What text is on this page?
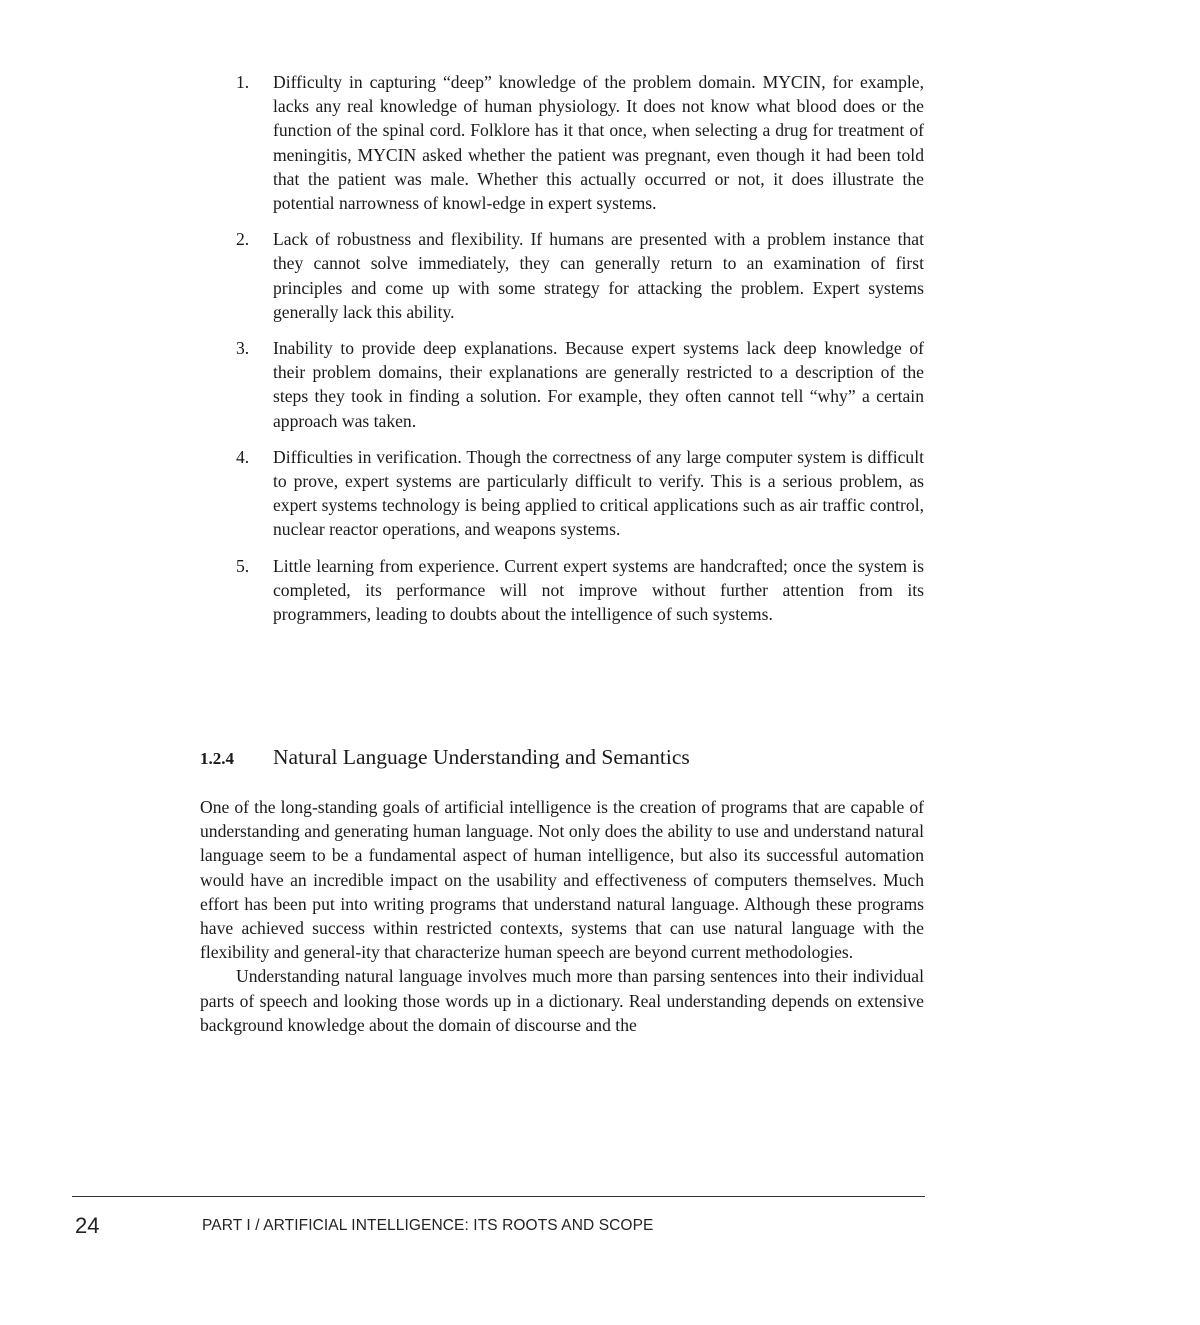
1. Difficulty in capturing “deep” knowledge of the problem domain. MYCIN, for example, lacks any real knowledge of human physiology. It does not know what blood does or the function of the spinal cord. Folklore has it that once, when selecting a drug for treatment of meningitis, MYCIN asked whether the patient was pregnant, even though it had been told that the patient was male. Whether this actually occurred or not, it does illustrate the potential narrowness of knowl-edge in expert systems.
2. Lack of robustness and flexibility. If humans are presented with a problem instance that they cannot solve immediately, they can generally return to an examination of first principles and come up with some strategy for attacking the problem. Expert systems generally lack this ability.
3. Inability to provide deep explanations. Because expert systems lack deep knowledge of their problem domains, their explanations are generally restricted to a description of the steps they took in finding a solution. For example, they often cannot tell “why” a certain approach was taken.
4. Difficulties in verification. Though the correctness of any large computer system is difficult to prove, expert systems are particularly difficult to verify. This is a serious problem, as expert systems technology is being applied to critical applications such as air traffic control, nuclear reactor operations, and weapons systems.
5. Little learning from experience. Current expert systems are handcrafted; once the system is completed, its performance will not improve without further attention from its programmers, leading to doubts about the intelligence of such systems.
1.2.4 Natural Language Understanding and Semantics

One of the long-standing goals of artificial intelligence is the creation of programs that are capable of understanding and generating human language. Not only does the ability to use and understand natural language seem to be a fundamental aspect of human intelligence, but also its successful automation would have an incredible impact on the usability and effectiveness of computers themselves. Much effort has been put into writing programs that understand natural language. Although these programs have achieved success within restricted contexts, systems that can use natural language with the flexibility and general-ity that characterize human speech are beyond current methodologies.

Understanding natural language involves much more than parsing sentences into their individual parts of speech and looking those words up in a dictionary. Real understanding depends on extensive background knowledge about the domain of discourse and the

24	PART I / ARTIFICIAL INTELLIGENCE: ITS ROOTS AND SCOPE
